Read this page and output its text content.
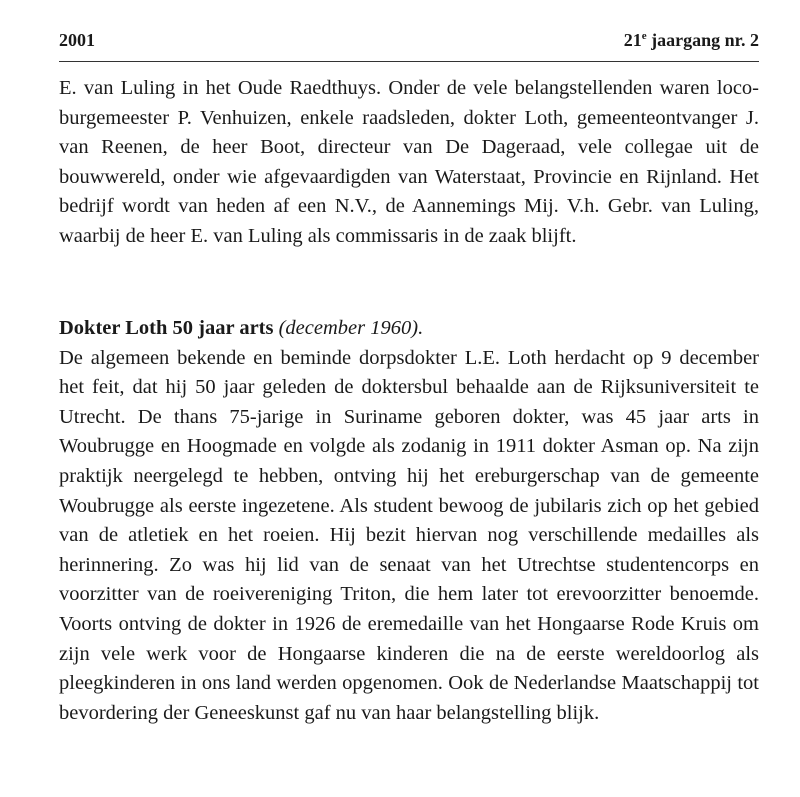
2001	21e jaargang nr. 2

E. van Luling in het Oude Raedthuys. Onder de vele belangstellenden waren loco-burgemeester P. Venhuizen, enkele raadsleden, dokter Loth, gemeenteontvanger J. van Reenen, de heer Boot, directeur van De Dageraad, vele collegae uit de bouwwereld, onder wie afgevaardigden van Waterstaat, Provincie en Rijnland. Het bedrijf wordt van heden af een N.V., de Aannemings Mij. V.h. Gebr. van Luling, waarbij de heer E. van Luling als commissaris in de zaak blijft.

Dokter Loth 50 jaar arts (december 1960).

De algemeen bekende en beminde dorpsdokter L.E. Loth herdacht op 9 december het feit, dat hij 50 jaar geleden de doktersbul behaalde aan de Rijksuniversiteit te Utrecht. De thans 75-jarige in Suriname geboren dokter, was 45 jaar arts in Woubrugge en Hoogmade en volgde als zodanig in 1911 dokter Asman op. Na zijn praktijk neergelegd te hebben, ontving hij het ereburgerschap van de gemeente Woubrugge als eerste ingezetene. Als student bewoog de jubilaris zich op het gebied van de atletiek en het roeien. Hij bezit hiervan nog verschillende medailles als herinnering. Zo was hij lid van de senaat van het Utrechtse studentencorps en voorzitter van de roeivereniging Triton, die hem later tot erevoorzitter benoemde. Voorts ontving de dokter in 1926 de eremedaille van het Hongaarse Rode Kruis om zijn vele werk voor de Hongaarse kinderen die na de eerste wereldoorlog als pleegkinderen in ons land werden opgenomen. Ook de Nederlandse Maatschappij tot bevordering der Geneeskunst gaf nu van haar belangstelling blijk.
